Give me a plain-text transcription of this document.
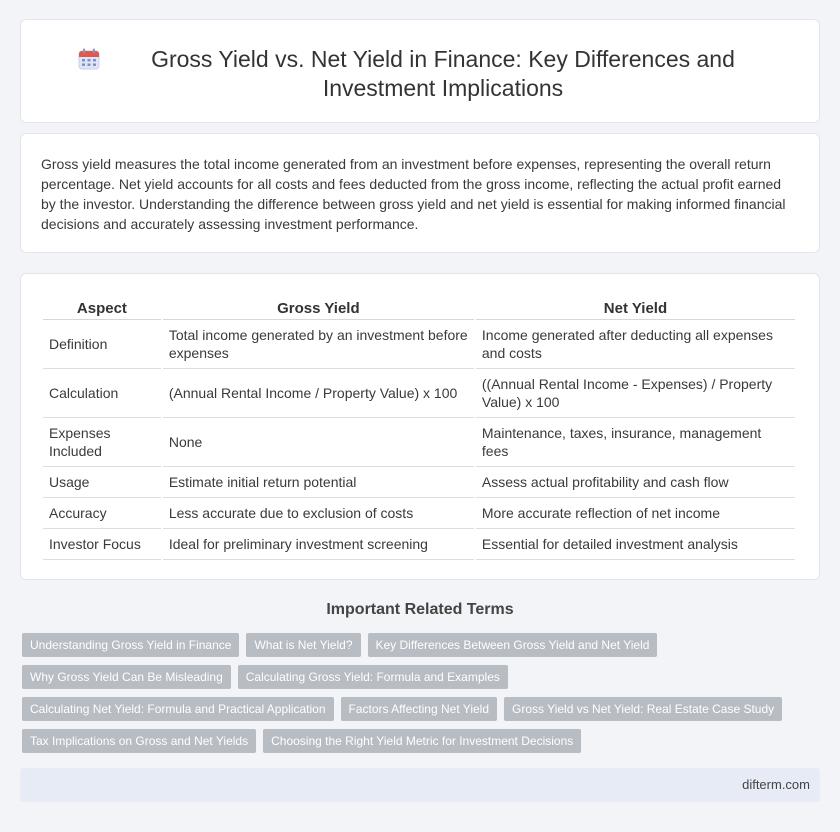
Gross Yield vs. Net Yield in Finance: Key Differences and Investment Implications

Gross yield measures the total income generated from an investment before expenses, representing the overall return percentage. Net yield accounts for all costs and fees deducted from the gross income, reflecting the actual profit earned by the investor. Understanding the difference between gross yield and net yield is essential for making informed financial decisions and accurately assessing investment performance.

Aspect	Gross Yield	Net Yield
Definition	Total income generated by an investment before expenses	Income generated after deducting all expenses and costs
Calculation	(Annual Rental Income / Property Value) x 100	((Annual Rental Income - Expenses) / Property Value) x 100
Expenses Included	None	Maintenance, taxes, insurance, management fees
Usage	Estimate initial return potential	Assess actual profitability and cash flow
Accuracy	Less accurate due to exclusion of costs	More accurate reflection of net income
Investor Focus	Ideal for preliminary investment screening	Essential for detailed investment analysis
Important Related Terms
Understanding Gross Yield in Finance	What is Net Yield?	Key Differences Between Gross Yield and Net Yield
Why Gross Yield Can Be Misleading	Calculating Gross Yield: Formula and Examples
Calculating Net Yield: Formula and Practical Application	Factors Affecting Net Yield	Gross Yield vs Net Yield: Real Estate Case Study
Tax Implications on Gross and Net Yields	Choosing the Right Yield Metric for Investment Decisions
difterm.com
